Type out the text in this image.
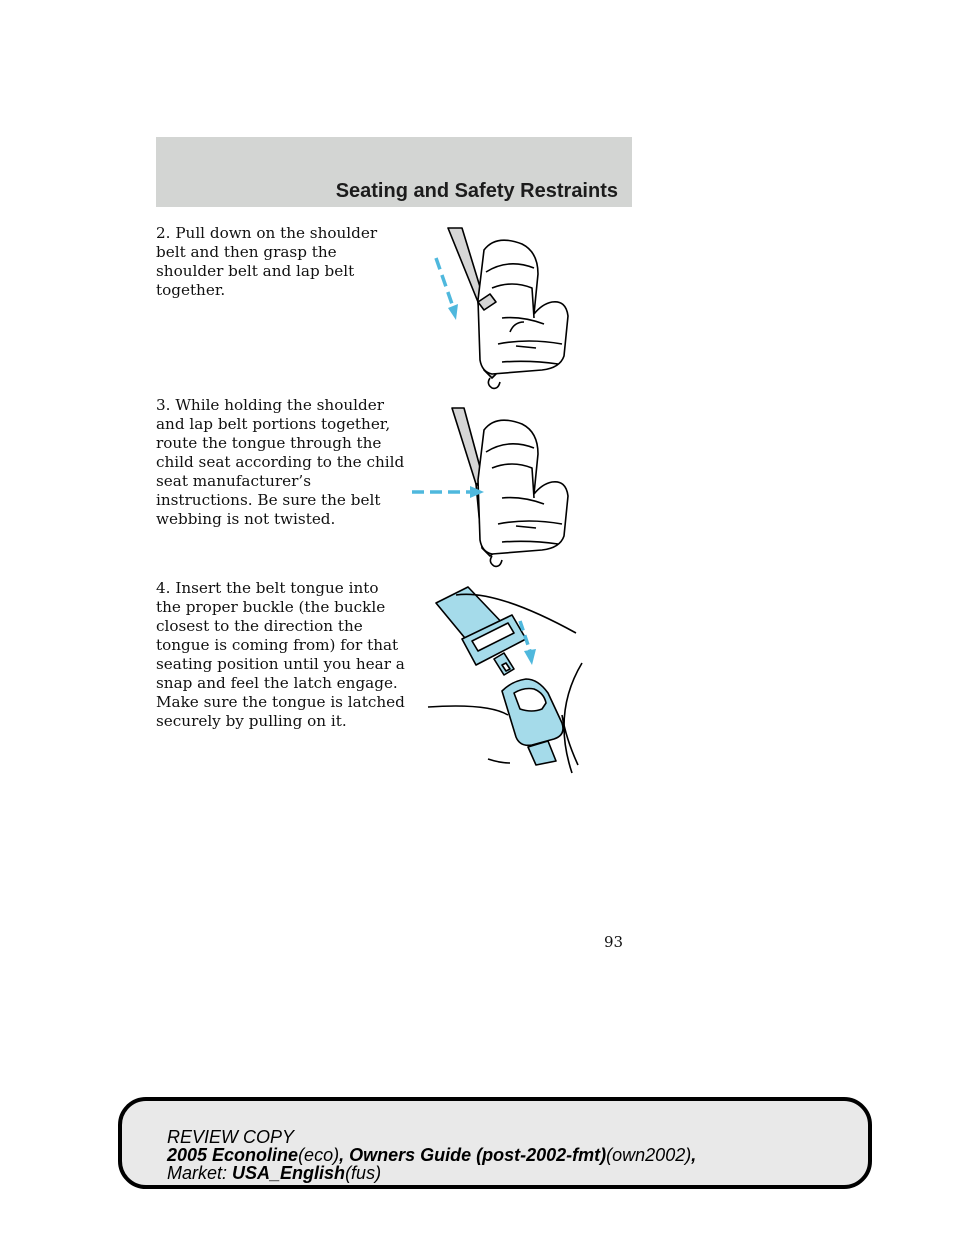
Seating and Safety Restraints

2. Pull down on the shoulder belt and then grasp the shoulder belt and lap belt together.

3. While holding the shoulder and lap belt portions together, route the tongue through the child seat according to the child seat manufacturer’s instructions. Be sure the belt webbing is not twisted.

4. Insert the belt tongue into the proper buckle (the buckle closest to the direction the tongue is coming from) for that seating position until you hear a snap and feel the latch engage. Make sure the tongue is latched securely by pulling on it.

93
REVIEW COPY
2005 Econoline(eco), Owners Guide (post-2002-fmt)(own2002),
Market: USA_English(fus)
